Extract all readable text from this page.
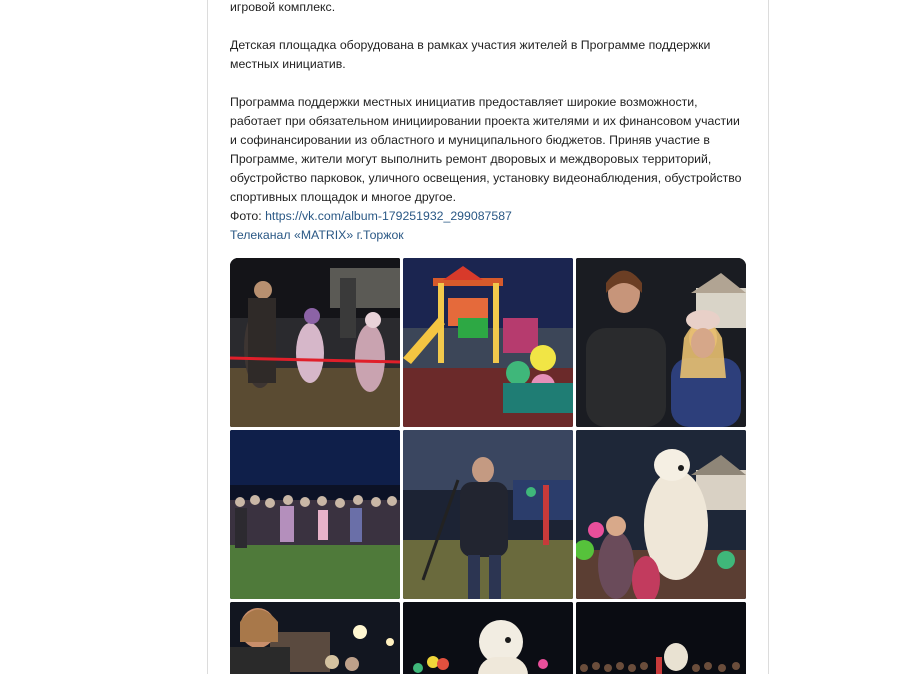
игровой комплекс.

Детская площадка оборудована в рамках участия жителей в Программе поддержки местных инициатив.

Программа поддержки местных инициатив предоставляет широкие возможности, работает при обязательном инициировании проекта жителями и их финансовом участии и софинансировании из областного и муниципального бюджетов. Приняв участие в Программе, жители могут выполнить ремонт дворовых и междворовых территорий, обустройство парковок, уличного освещения, установку видеонаблюдения, обустройство спортивных площадок и многое другое.

Фото: https://vk.com/album-179251932_299087587
Телеканал «MATRIX» г.Торжок
